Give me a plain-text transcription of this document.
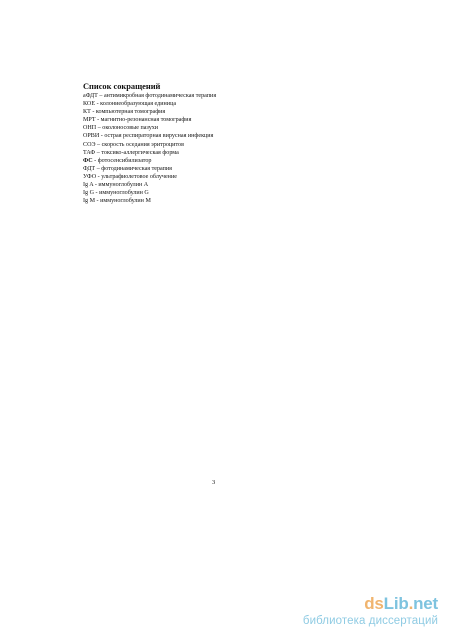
Список сокращений
аФДТ – антимикробная фотодинамическая терапия
КОЕ - колониеобразующая единица
КТ - компьютерная томография
МРТ - магнитно-резонансная томография
ОНП – околоносовые пазухи
ОРВИ - острая респираторная вирусная инфекция
СОЭ – скорость оседания эритроцитов
ТАФ – токсико-аллергическая форма
ФС - фотосенсибилизатор
ФДТ – фотодинамическая терапия
УФО - ультрафиолетовое облучение
Ig A - иммуноглобулин A
Ig G - иммуноглобулин G
Ig M - иммуноглобулин M
3
dsLib.net
библиотека диссертаций
